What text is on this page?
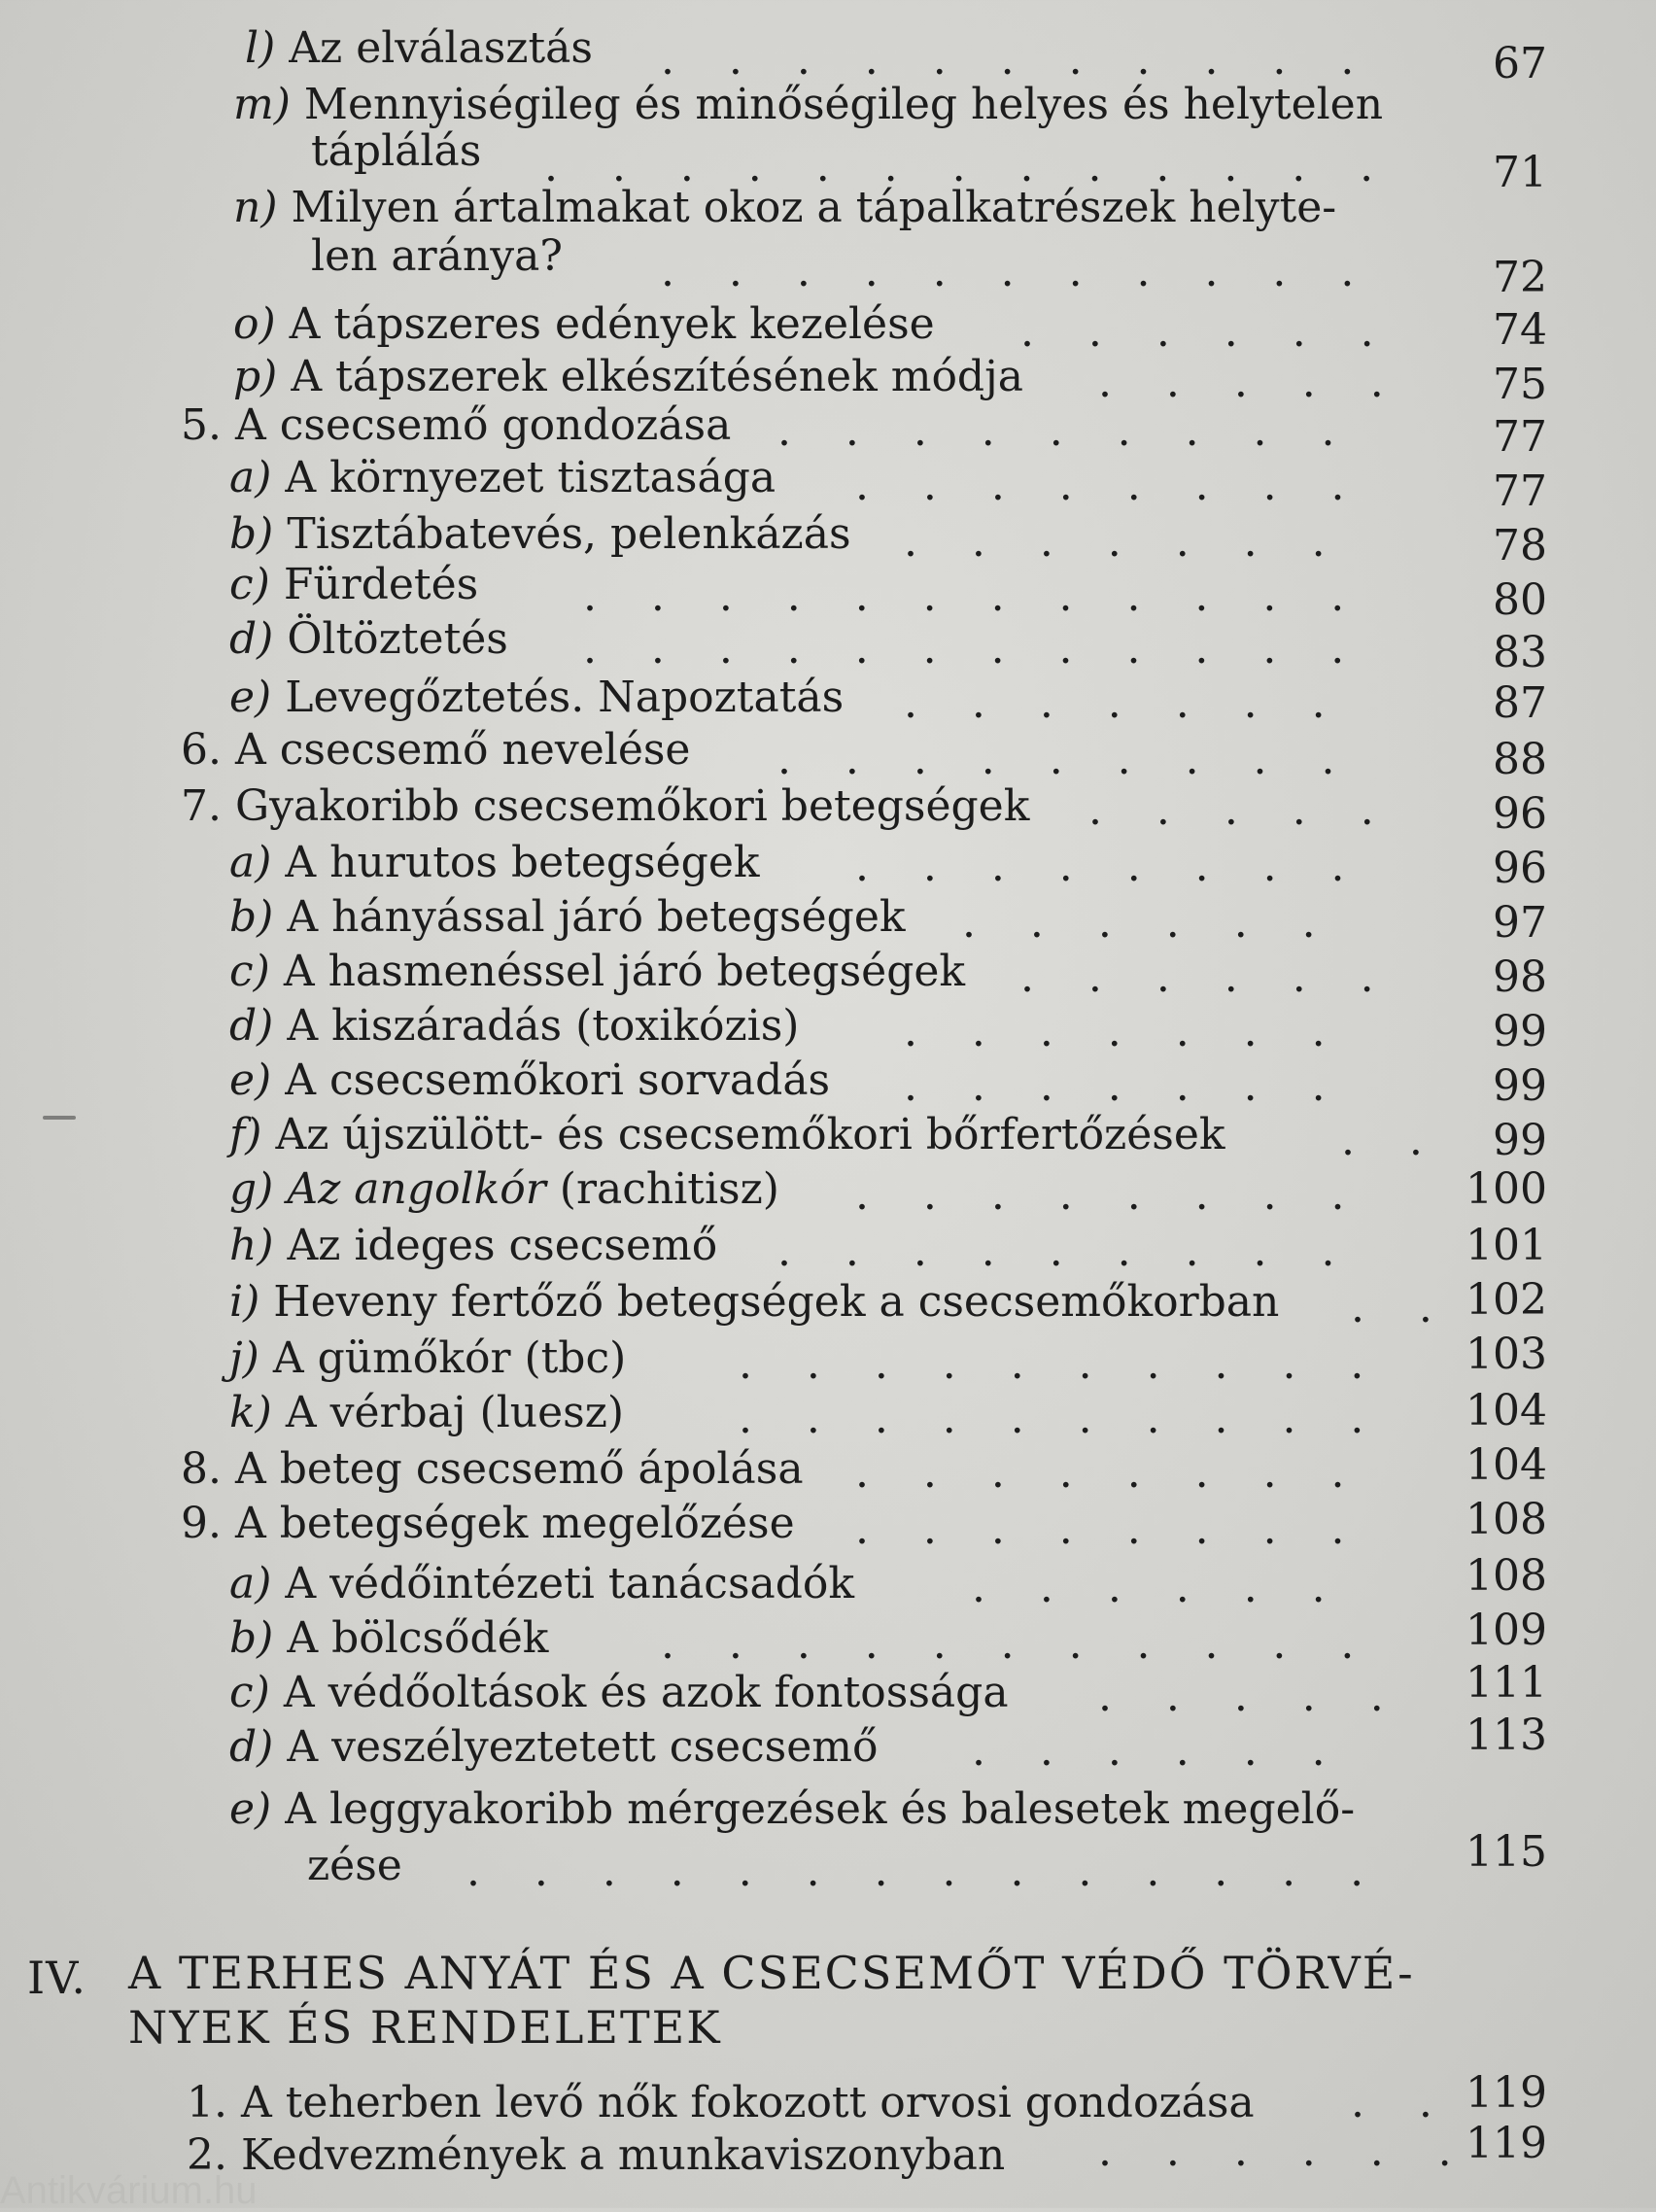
l) Az elválasztás .    .    .    .    .    .    .    .    .    .    .	67
m) Mennyiségileg és minőségileg helyes és helytelen
táplálás .    .    .    .    .    .    .    .    .    .    .    .    .	71
n) Milyen ártalmakat okoz a tápalkatrészek helyte-
len aránya? .    .    .    .    .    .    .    .    .    .    .	72
o) A tápszeres edények kezelése .    .    .    .    .    .	74
p) A tápszerek elkészítésének módja .    .    .    .    .	75
5. A csecsemő gondozása .    .    .    .    .    .    .    .    .	77
a) A környezet tisztasága .    .    .    .    .    .    .    .	77
b) Tisztábatevés, pelenkázás .    .    .    .    .    .    .	78
c) Fürdetés .    .    .    .    .    .    .    .    .    .    .    .	80
d) Öltöztetés .    .    .    .    .    .    .    .    .    .    .    .	83
e) Levegőztetés. Napoztatás .    .    .    .    .    .    .	87
6. A csecsemő nevelése .    .    .    .    .    .    .    .    .	88
7. Gyakoribb csecsemőkori betegségek .    .    .    .    .	96
a) A hurutos betegségek .    .    .    .    .    .    .    .	96
b) A hányással járó betegségek .    .    .    .    .    .	97
c) A hasmenéssel járó betegségek .    .    .    .    .    .	98
d) A kiszáradás (toxikózis) .    .    .    .    .    .    .	99
e) A csecsemőkori sorvadás .    .    .    .    .    .    .	99
f) Az újszülött- és csecsemőkori bőrfertőzések	.    .	99
g) Az angolkór (rachitisz) .    .    .    .    .    .    .    .	100
h) Az ideges csecsemő .    .    .    .    .    .    .    .    .	101
i) Heveny fertőző betegségek a csecsemőkorban .    . 102
j) A gümőkór (tbc)	.    .    .    .    .    .    .    .    .    .	103
k) A vérbaj (luesz)	.    .    .    .    .    .    .    .    .    .	104
8. A beteg csecsemő ápolása .    .    .    .    .    .    .    .	104
9. A betegségek megelőzése .    .    .    .    .    .    .    .	108
a) A védőintézeti tanácsadók	.    .    .    .    .    .	108
b) A bölcsődék	.    .    .    .    .    .    .    .    .    .    .	109
c) A védőoltások és azok fontossága .    .    .    .    .	111
d) A veszélyeztetett csecsemő .    .    .    .    .    .	113
e) A leggyakoribb mérgezések és balesetek megelő-
zése .    .    .    .    .    .    .    .    .    .    .    .    .    .	115
IV. A TERHES ANYÁT ÉS A CSECSEMŐT VÉDŐ TÖRVÉ-
NYEK ÉS RENDELETEK
1. A teherben levő nők fokozott orvosi gondozása .    . 119
2. Kedvezmények a munkaviszonyban .    .    .    .    .    . 119
Antikvárium.hu
